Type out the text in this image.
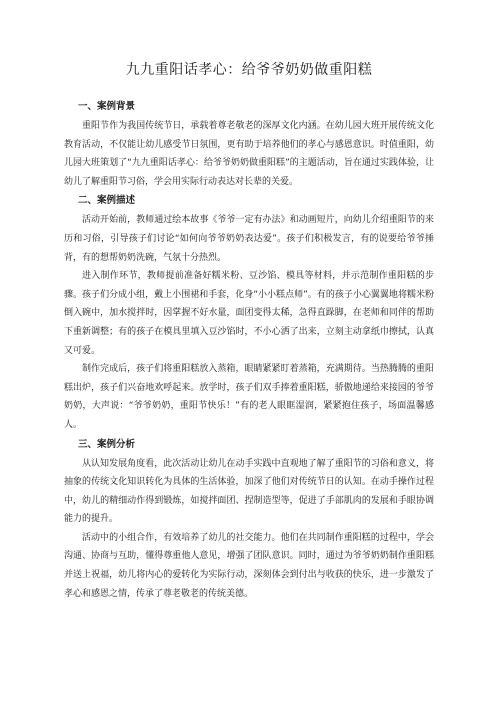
九九重阳话孝心：给爷爷奶奶做重阳糕
一、案例背景

重阳节作为我国传统节日，承载着尊老敬老的深厚文化内涵。在幼儿园大班开展传统文化教育活动，不仅能让幼儿感受节日氛围，更有助于培养他们的孝心与感恩意识。时值重阳，幼儿园大班策划了“九九重阳话孝心：给爷爷奶奶做重阳糕”的主题活动，旨在通过实践体验，让幼儿了解重阳节习俗，学会用实际行动表达对长辈的关爱。

二、案例描述

活动开始前，教师通过绘本故事《爷爷一定有办法》和动画短片，向幼儿介绍重阳节的来历和习俗，引导孩子们讨论“如何向爷爷奶奶表达爱”。孩子们积极发言，有的说要给爷爷捶背，有的想帮奶奶洗碗，气氛十分热烈。

进入制作环节，教师提前准备好糯米粉、豆沙馅、模具等材料，并示范制作重阳糕的步骤。孩子们分成小组，戴上小围裙和手套，化身“小小糕点师”。有的孩子小心翼翼地将糯米粉倒入碗中，加水搅拌时，因掌握不好水量，面团变得太稀，急得直跺脚，在老师和同伴的帮助下重新调整；有的孩子在模具里填入豆沙馅时，不小心洒了出来，立刻主动拿纸巾擦拭，认真又可爱。

制作完成后，孩子们将重阳糕放入蒸箱，眼睛紧紧盯着蒸箱，充满期待。当热腾腾的重阳糕出炉，孩子们兴奋地欢呼起来。放学时，孩子们双手捧着重阳糕，骄傲地递给来接园的爷爷奶奶，大声说：“爷爷奶奶，重阳节快乐！”有的老人眼眶湿润，紧紧抱住孩子，场面温馨感人。

三、案例分析

从认知发展角度看，此次活动让幼儿在动手实践中直观地了解了重阳节的习俗和意义，将抽象的传统文化知识转化为具体的生活体验，加深了他们对传统节日的认知。在动手操作过程中，幼儿的精细动作得到锻炼，如搅拌面团、捏制造型等，促进了手部肌肉的发展和手眼协调能力的提升。

活动中的小组合作，有效培养了幼儿的社交能力。他们在共同制作重阳糕的过程中，学会沟通、协商与互助，懂得尊重他人意见，增强了团队意识。同时，通过为爷爷奶奶制作重阳糕并送上祝福，幼儿将内心的爱转化为实际行动，深刻体会到付出与收获的快乐，进一步激发了孝心和感恩之情，传承了尊老敬老的传统美德。
